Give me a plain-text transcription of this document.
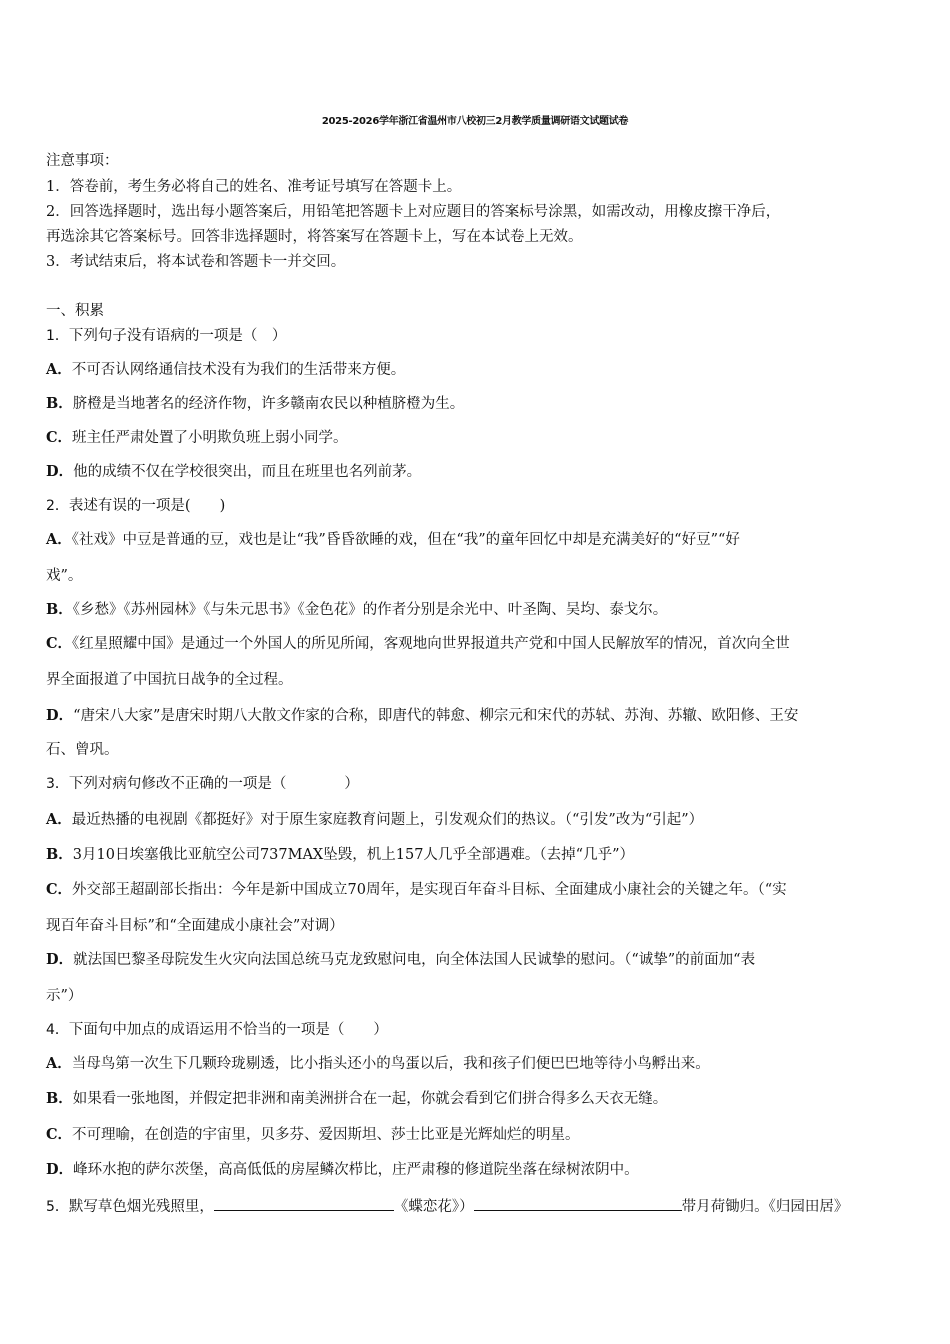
2025-2026学年浙江省温州市八校初三2月教学质量调研语文试题试卷
注意事项：
1．答卷前，考生务必将自己的姓名、准考证号填写在答题卡上。
2．回答选择题时，选出每小题答案后，用铅笔把答题卡上对应题目的答案标号涂黑，如需改动，用橡皮擦干净后，
再选涂其它答案标号。回答非选择题时，将答案写在答题卡上，写在本试卷上无效。
3．考试结束后，将本试卷和答题卡一并交回。
一、积累
1．下列句子没有语病的一项是（　）
A．不可否认网络通信技术没有为我们的生活带来方便。
B．脐橙是当地著名的经济作物，许多赣南农民以种植脐橙为生。
C．班主任严肃处置了小明欺负班上弱小同学。
D．他的成绩不仅在学校很突出，而且在班里也名列前茅。
2．表述有误的一项是(　　)
A．《社戏》中豆是普通的豆，戏也是让“我”昏昏欲睡的戏，但在“我”的童年回忆中却是充满美好的“好豆”“好
戏”。
B．《乡愁》《苏州园林》《与朱元思书》《金色花》的作者分别是余光中、叶圣陶、吴均、泰戈尔。
C．《红星照耀中国》是通过一个外国人的所见所闻，客观地向世界报道共产党和中国人民解放军的情况，首次向全世
界全面报道了中国抗日战争的全过程。
D．“唐宋八大家”是唐宋时期八大散文作家的合称，即唐代的韩愈、柳宗元和宋代的苏轼、苏洵、苏辙、欧阳修、王安
石、曾巩。
3．下列对病句修改不正确的一项是（　　　　）
A．最近热播的电视剧《都挺好》对于原生家庭教育问题上，引发观众们的热议。（“引发”改为“引起”）
B．3月10日埃塞俄比亚航空公司737MAX坠毁，机上157人几乎全部遇难。（去掉“几乎”）
C．外交部王超副部长指出：今年是新中国成立70周年，是实现百年奋斗目标、全面建成小康社会的关键之年。（“实
现百年奋斗目标”和“全面建成小康社会”对调）
D．就法国巴黎圣母院发生火灾向法国总统马克龙致慰问电，向全体法国人民诚挚的慰问。（“诚挚”的前面加“表
示”）
4．下面句中加点的成语运用不恰当的一项是（　　）
A．当母鸟第一次生下几颗玲珑剔透，比小指头还小的鸟蛋以后，我和孩子们便巴巴地等待小鸟孵出来。
B．如果看一张地图，并假定把非洲和南美洲拼合在一起，你就会看到它们拼合得多么天衣无缝。
C．不可理喻，在创造的宇宙里，贝多芬、爱因斯坦、莎士比亚是光辉灿烂的明星。
D．峰环水抱的萨尔茨堡，高高低低的房屋鳞次栉比，庄严肃穆的修道院坐落在绿树浓阴中。
5．默写草色烟光残照里，	《蝶恋花》）	带月荷锄归。《归园田居》
